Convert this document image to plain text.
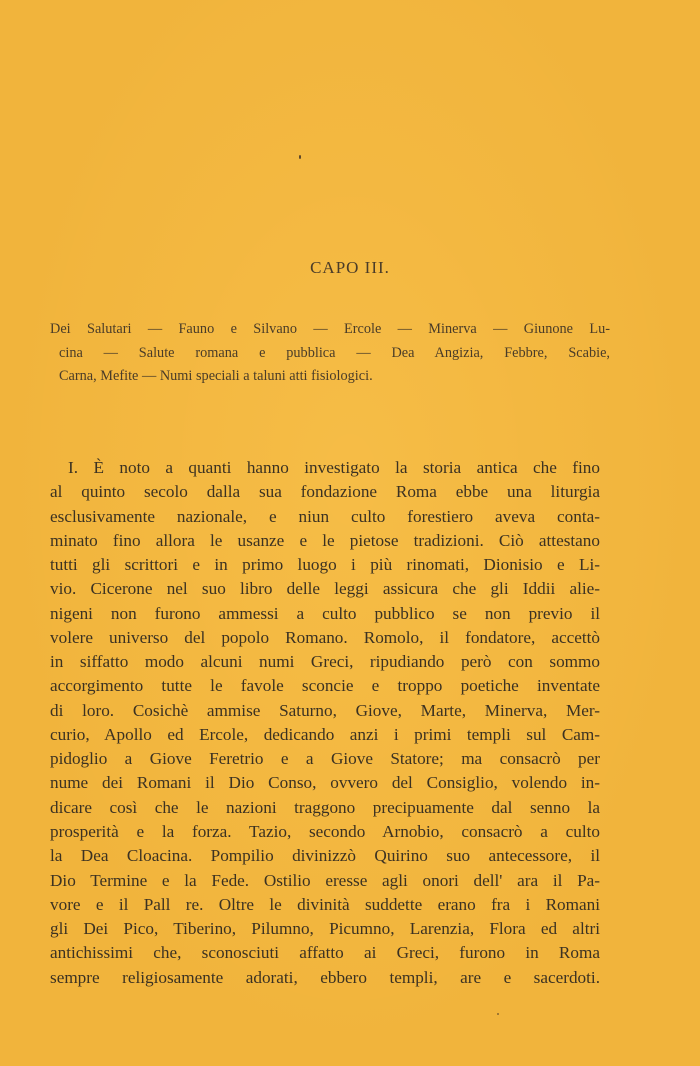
CAPO III.
Dei Salutari — Fauno e Silvano — Ercole — Minerva — Giunone Lu-
cina — Salute romana e pubblica — Dea Angizia, Febbre, Scabie,
Carna, Mefite — Numi speciali a taluni atti fisiologici.
I. È noto a quanti hanno investigato la storia antica che fino
al quinto secolo dalla sua fondazione Roma ebbe una liturgia
esclusivamente nazionale, e niun culto forestiero aveva conta-
minato fino allora le usanze e le pietose tradizioni. Ciò attestano
tutti gli scrittori e in primo luogo i più rinomati, Dionisio e Li-
vio. Cicerone nel suo libro delle leggi assicura che gli Iddii alie-
nigeni non furono ammessi a culto pubblico se non previo il
volere universo del popolo Romano. Romolo, il fondatore, accettò
in siffatto modo alcuni numi Greci, ripudiando però con sommo
accorgimento tutte le favole sconcie e troppo poetiche inventate
di loro. Cosichè ammise Saturno, Giove, Marte, Minerva, Mer-
curio, Apollo ed Ercole, dedicando anzi i primi templi sul Cam-
pidoglio a Giove Feretrio e a Giove Statore; ma consacrò per
nume dei Romani il Dio Conso, ovvero del Consiglio, volendo in-
dicare così che le nazioni traggono precipuamente dal senno la
prosperità e la forza. Tazio, secondo Arnobio, consacrò a culto
la Dea Cloacina. Pompilio divinizzò Quirino suo antecessore, il
Dio Termine e la Fede. Ostilio eresse agli onori dell' ara il Pa-
vore e il Pall re. Oltre le divinità suddette erano fra i Romani
gli Dei Pico, Tiberino, Pilumno, Picumno, Larenzia, Flora ed altri
antichissimi che, sconosciuti affatto ai Greci, furono in Roma
sempre religiosamente adorati, ebbero templi, are e sacerdoti.
